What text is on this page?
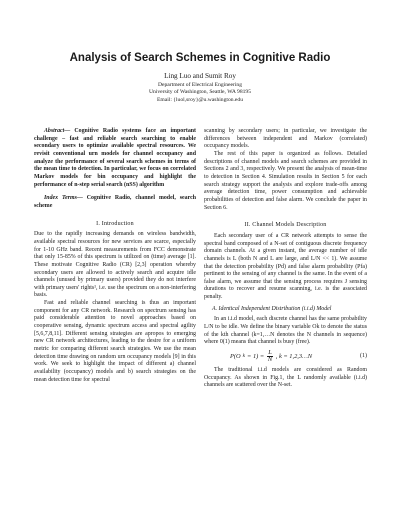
Analysis of Search Schemes in Cognitive Radio
Ling Luo and Sumit Roy
Department of Electrical Engineering
University of Washington, Seattle, WA 98195
Email: {luol,sroy}@u.washington.edu

Abstract— Cognitive Radio systems face an important challenge – fast and reliable search searching to enable secondary users to optimize available spectral resources. We revisit conventional urn models for channel occupancy and analyze the performance of several search schemes in terms of the mean time to detection. In particular, we focus on correlated Markov models for bin occupancy and highlight the performance of n-step serial search (nSS) algorithm

Index Terms— Cognitive Radio, channel model, search scheme

I. Introduction

Due to the rapidly increasing demands on wireless bandwidth, available spectral resources for new services are scarce, especially for 1-10 GHz band. Recent measurements from FCC demonstrate that only 15-85% of this spectrum is utilized on (time) average [1]. These motivate Cognitive Radio (CR) [2,3] operation whereby secondary users are allowed to actively search and acquire idle channels (unused by primary users) provided they do not interfere with primary users' rights¹, i.e. use the spectrum on a non-interfering basis.

Fast and reliable channel searching is thus an important component for any CR network. Research on spectrum sensing has paid considerable attention to novel approaches based on cooperative sensing, dynamic spectrum access and spectral agility [5,6,7,8,11]. Different sensing strategies are apropos to emerging new CR network architectures, leading to the desire for a uniform metric for comparing different search strategies. We use the mean detection time drawing on random urn occupancy models [9] in this work. We seek to highlight the impact of different a) channel availability (occupancy) models and b) search strategies on the mean detection time for spectral

scanning by secondary users; in particular, we investigate the differences between independent and Markov (correlated) occupancy models.

The rest of this paper is organized as follows. Detailed descriptions of channel models and search schemes are provided in Sections 2 and 3, respectively. We present the analysis of mean-time to detection in Section 4. Simulation results in Section 5 for each search strategy support the analysis and explore trade-offs among average detection time, power consumption and achievable probabilities of detection and false alarm. We conclude the paper in Section 6.

II. Channel Models Description

Each secondary user of a CR network attempts to sense the spectral band composed of a N-set of contiguous discrete frequency domain channels. At a given instant, the average number of idle channels is L (both N and L are large, and L/N << 1). We assume that the detection probability (Pd) and false alarm probability (Pfa) pertinent to the sensing of any channel is the same. In the event of a false alarm, we assume that the sensing process requires J sensing durations to recover and resume scanning, i.e. is the associated penalty.

A. Identical Independent Distribution (i.i.d) Model

In an i.i.d model, each discrete channel has the same probability L/N to be idle. We define the binary variable Ok to denote the status of the kth channel (k=1,…N denotes the N channels in sequence) where 0(1) means that channel is busy (free).

P(O $k = 1) = \frac{L}{N}$ , k = 1,2,3…N	(1)

The traditional i.i.d models are considered as Random Occupancy. As shown in Fig.1, the L randomly available (i.i.d) channels are scattered over the N-set.
